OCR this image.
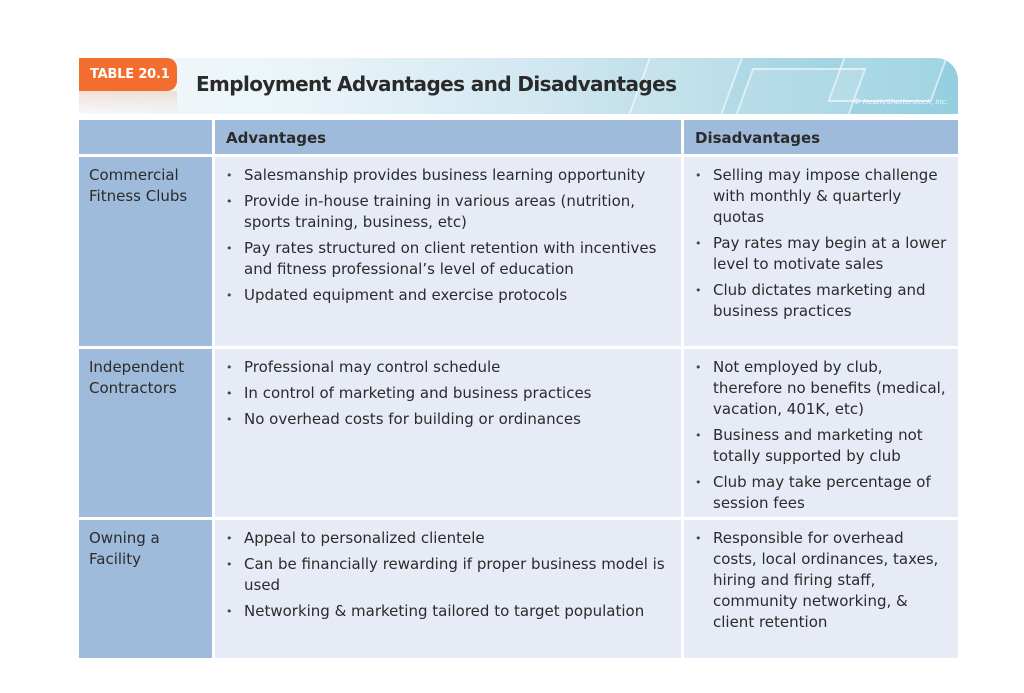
TABLE 20.1	Employment Advantages and Disadvantages
© Heath/Shutterstock, Inc.
Advantages	Disadvantages
Commercial Fitness Clubs
• Salesmanship provides business learning opportunity
• Provide in-house training in various areas (nutrition, sports training, business, etc)
• Pay rates structured on client retention with incentives and fitness professional’s level of education
• Updated equipment and exercise protocols
• Selling may impose challenge with monthly & quarterly quotas
• Pay rates may begin at a lower level to motivate sales
• Club dictates marketing and business practices
Independent Contractors
• Professional may control schedule
• In control of marketing and business practices
• No overhead costs for building or ordinances
• Not employed by club, therefore no benefits (medical, vacation, 401K, etc)
• Business and marketing not totally supported by club
• Club may take percentage of session fees
Owning a Facility
• Appeal to personalized clientele
• Can be financially rewarding if proper business model is used
• Networking & marketing tailored to target population
• Responsible for overhead costs, local ordinances, taxes, hiring and firing staff, community networking, & client retention
